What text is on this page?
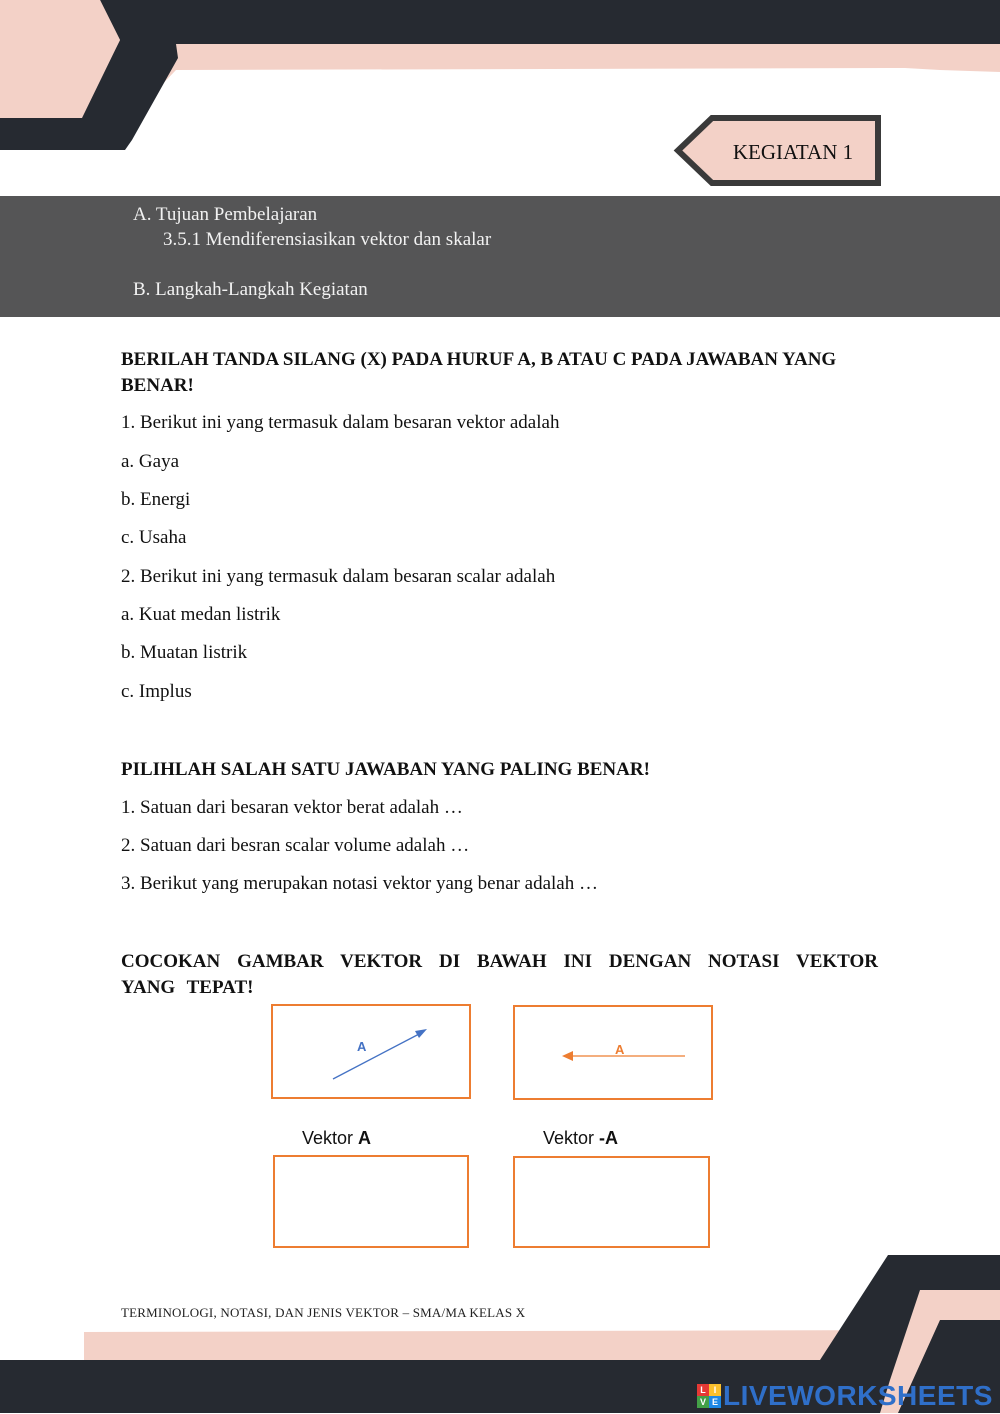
KEGIATAN 1
A. Tujuan Pembelajaran
3.5.1 Mendiferensiasikan vektor dan skalar
B. Langkah-Langkah Kegiatan
BERILAH TANDA SILANG (X) PADA HURUF A, B ATAU C PADA JAWABAN YANG BENAR!
1. Berikut ini yang termasuk dalam besaran vektor adalah
a. Gaya
b. Energi
c. Usaha
2. Berikut ini yang termasuk dalam besaran scalar adalah
a. Kuat medan listrik
b. Muatan listrik
c. Implus
PILIHLAH SALAH SATU JAWABAN YANG PALING BENAR!
1. Satuan dari besaran vektor berat adalah …
2. Satuan dari besran scalar volume adalah …
3. Berikut yang merupakan notasi vektor yang benar adalah …
COCOKAN GAMBAR VEKTOR DI BAWAH INI DENGAN NOTASI VEKTOR YANG TEPAT!
A	A
Vektor A	Vektor -A
TERMINOLOGI, NOTASI, DAN JENIS VEKTOR – SMA/MA KELAS X
L I
V E LIVEWORKSHEETS
